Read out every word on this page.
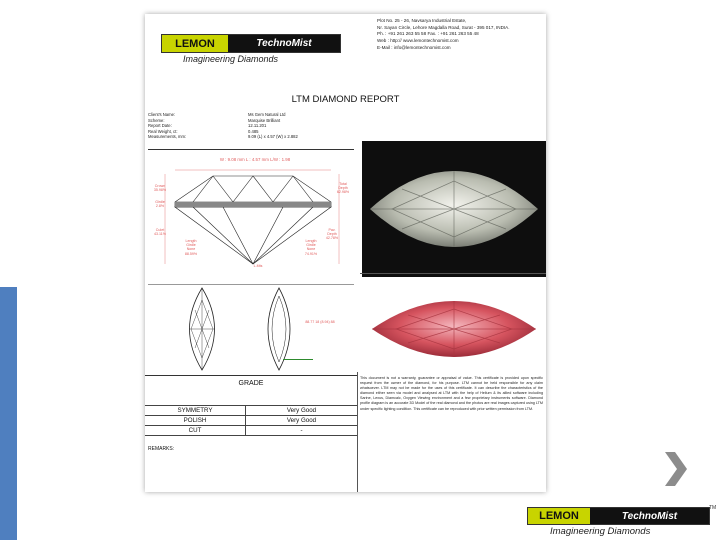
LEMON	TechnoMist
Imagineering Diamonds
Plot No. 25 - 26, Navsarya Industrial Estate,
Nr. Sayan Circle, Lehore Magdalla Road, Surat - 395 017, INDIA.
Ph. : +91 261 263 55 58 Fax. : +91 261 263 55 48
Web : http:// www.lemontechnomist.com
E-Mail : info@lemontechnomist.com
LTM DIAMOND REPORT
Client's Name:	Ms Gem Natural Ltd
Scheme:	Marquise Brilliant
Report Date:	12.11.201
Real Weight, ct:	0.485
Measurements, mm:	9.09 (L) x 4.57 (W) x 2.882
W : 9.08 mm L : 4.57 mm L/W : 1.98
Crown
35.98%
Girdle
2.8%
Culet
43.11%
Total
Depth
62.98%
Pav.
Depth
42.78%
Length
Girdle
None
88.59%
Length
Girdle
None
74.91%
L.Mts
88.77 18 (8.94) 88
GRADE
SYMMETRY	Very Good
POLISH	Very Good
CUT	-
REMARKS:
This document is not a warranty, guarantee or appraisal of value. This certificate is provided upon specific request from the owner of the diamond, for his purpose. LTM cannot be held responsible for any claim whatsoever. LTM may not be made for the uses of this certificate. It can describe the characteristics of the diamond either seen via model and analysed at LTM with the help of Helium & its allied software including Sarine, Lexus, Diamcalc, Oxygen Viewing environment and a few proprietary instruments software. Diamond profile diagram is an accurate 3D Model of the real diamond and the photos are real images captured using LTM under specific lighting condition. This certificate can be reproduced with prior written permission from LTM.
LEMON	TechnoMist
TM
Imagineering Diamonds
